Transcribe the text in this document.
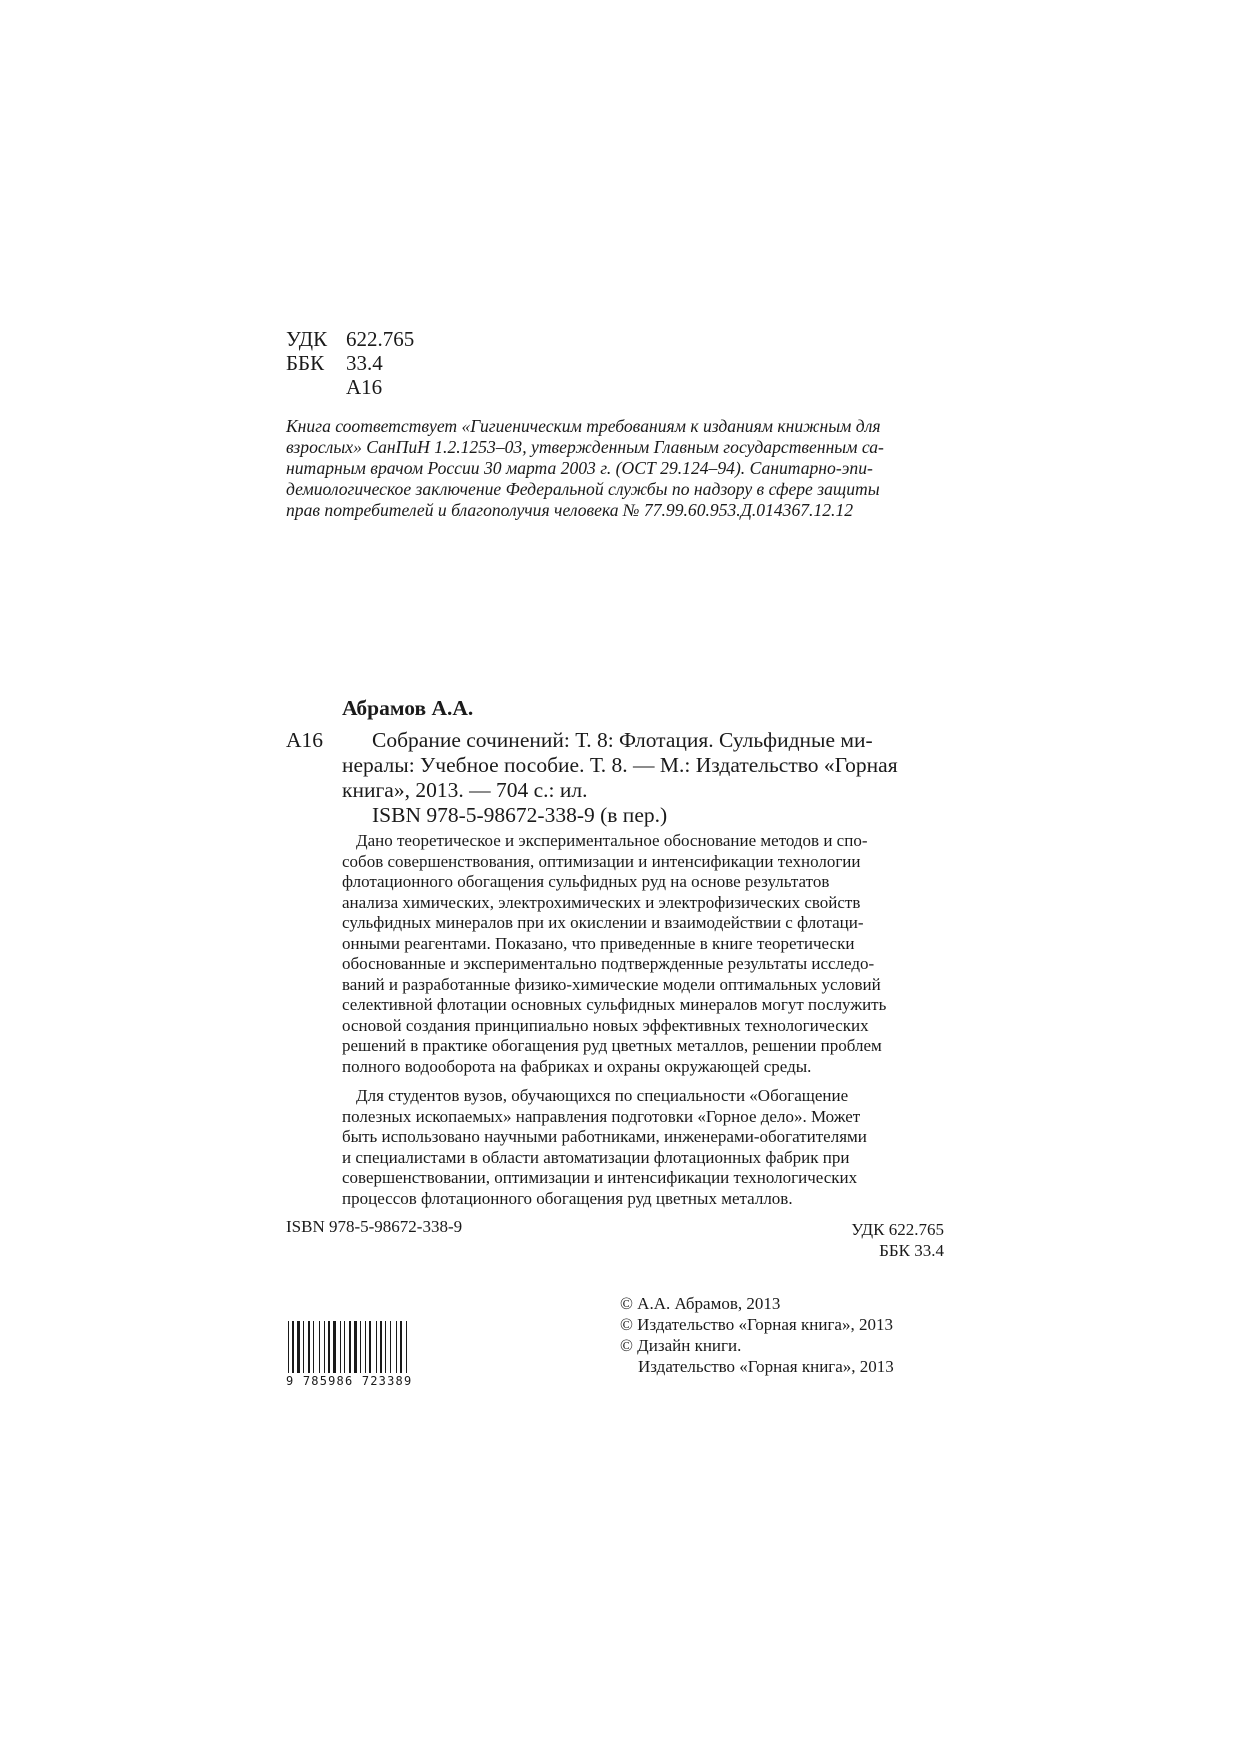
УДК 622.765
ББК 33.4
А16
Книга соответствует «Гигиеническим требованиям к изданиям книжным для
взрослых» СанПиН 1.2.1253–03, утвержденным Главным государственным са-
нитарным врачом России 30 марта 2003 г. (ОСТ 29.124–94). Санитарно-эпи-
демиологическое заключение Федеральной службы по надзору в сфере защиты
прав потребителей и благополучия человека № 77.99.60.953.Д.014367.12.12
Абрамов А.А.
А16 Собрание сочинений: Т. 8: Флотация. Сульфидные ми-
нералы: Учебное пособие. Т. 8. — М.: Издательство «Горная
книга», 2013. — 704 с.: ил.
ISBN 978-5-98672-338-9 (в пер.)
Дано теоретическое и экспериментальное обоснование методов и спо-
собов совершенствования, оптимизации и интенсификации технологии
флотационного обогащения сульфидных руд на основе результатов
анализа химических, электрохимических и электрофизических свойств
сульфидных минералов при их окислении и взаимодействии с флотаци-
онными реагентами. Показано, что приведенные в книге теоретически
обоснованные и экспериментально подтвержденные результаты исследо-
ваний и разработанные физико-химические модели оптимальных условий
селективной флотации основных сульфидных минералов могут послужить
основой создания принципиально новых эффективных технологических
решений в практике обогащения руд цветных металлов, решении проблем
полного водооборота на фабриках и охраны окружающей среды.
Для студентов вузов, обучающихся по специальности «Обогащение
полезных ископаемых» направления подготовки «Горное дело». Может
быть использовано научными работниками, инженерами-обогатителями
и специалистами в области автоматизации флотационных фабрик при
совершенствовании, оптимизации и интенсификации технологических
процессов флотационного обогащения руд цветных металлов.
ISBN 978-5-98672-338-9	УДК 622.765
ББК 33.4
9 785986 723389
© А.А. Абрамов, 2013
© Издательство «Горная книга», 2013
© Дизайн книги.
Издательство «Горная книга», 2013
